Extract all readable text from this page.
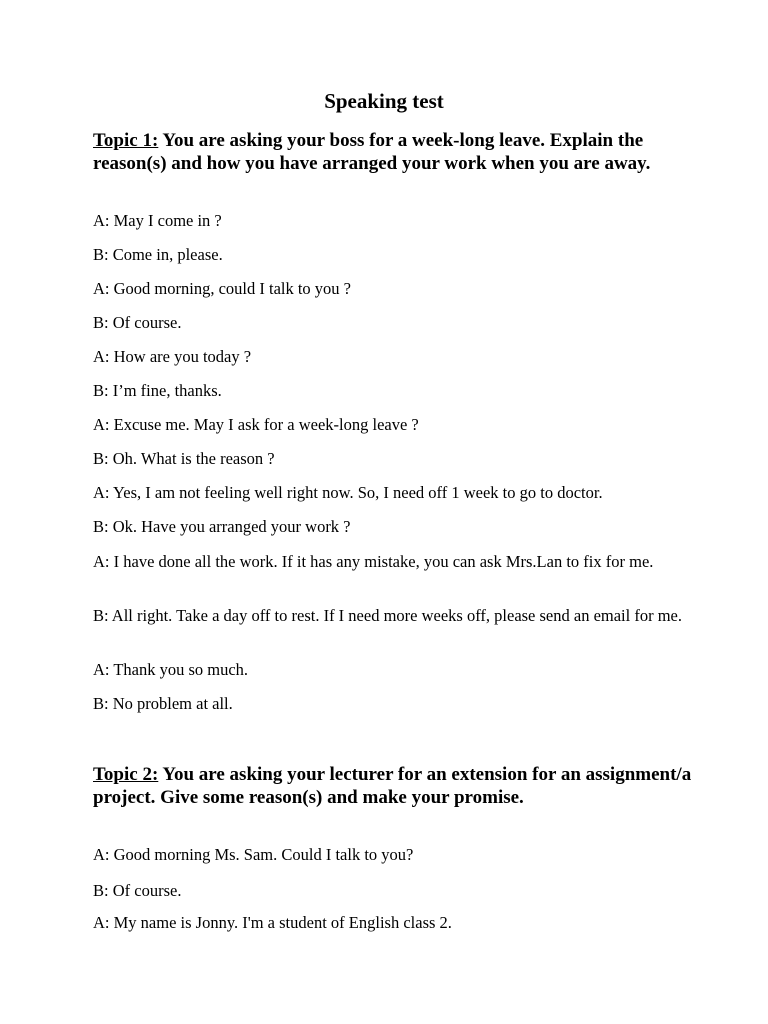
Speaking test

Topic 1: You are asking your boss for a week-long leave. Explain the reason(s) and how you have arranged your work when you are away.

A: May I come in ?

B: Come in, please.

A: Good morning, could I talk to you ?

B: Of course.

A: How are you today ?

B: I’m fine, thanks.

A: Excuse me. May I ask for a week-long leave ?

B: Oh. What is the reason ?

A: Yes, I am not feeling well right now. So, I need off 1 week to go to doctor.

B: Ok. Have you arranged your work ?

A: I have done all the work. If it has any mistake, you can ask Mrs.Lan to fix for me.

B: All right. Take a day off to rest. If I need more weeks off, please send an email for me.

A: Thank you so much.

B: No problem at all.

Topic 2: You are asking your lecturer for an extension for an assignment/a project. Give some reason(s) and make your promise.

A: Good morning Ms. Sam. Could I talk to you?

B: Of course.

A: My name is Jonny. I'm a student of English class 2.
